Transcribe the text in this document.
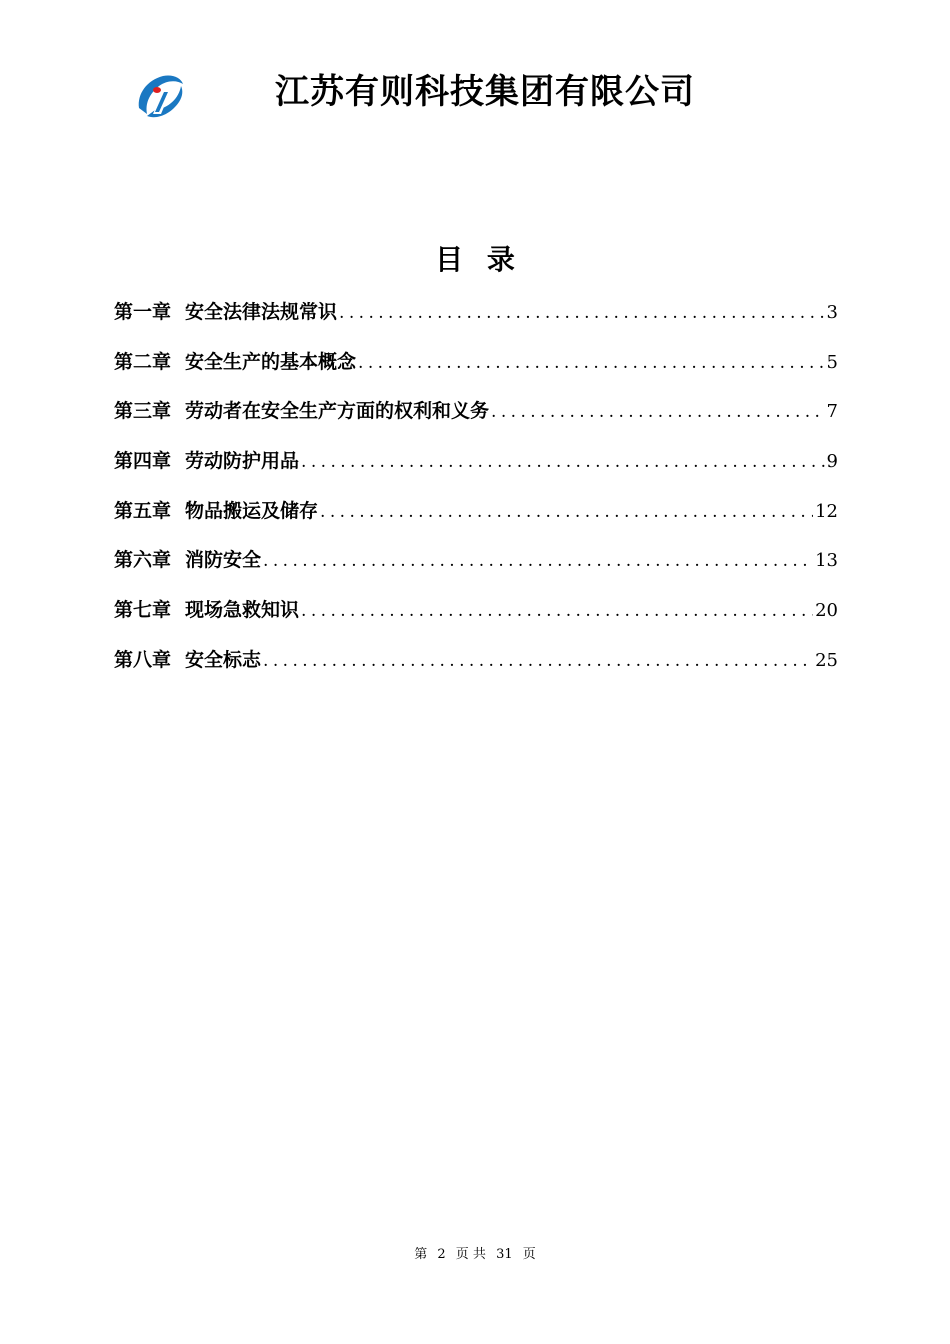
江苏有则科技集团有限公司
目 录
第一章 安全法律法规常识 .....	3
第二章 安全生产的基本概念 .....	5
第三章 劳动者在安全生产方面的权利和义务 .....	7
第四章 劳动防护用品 .....	9
第五章 物品搬运及储存 .....	12
第六章 消防安全 .....	13
第七章 现场急救知识 .....	20
第八章 安全标志 .....	25
第 2 页 共 31 页
